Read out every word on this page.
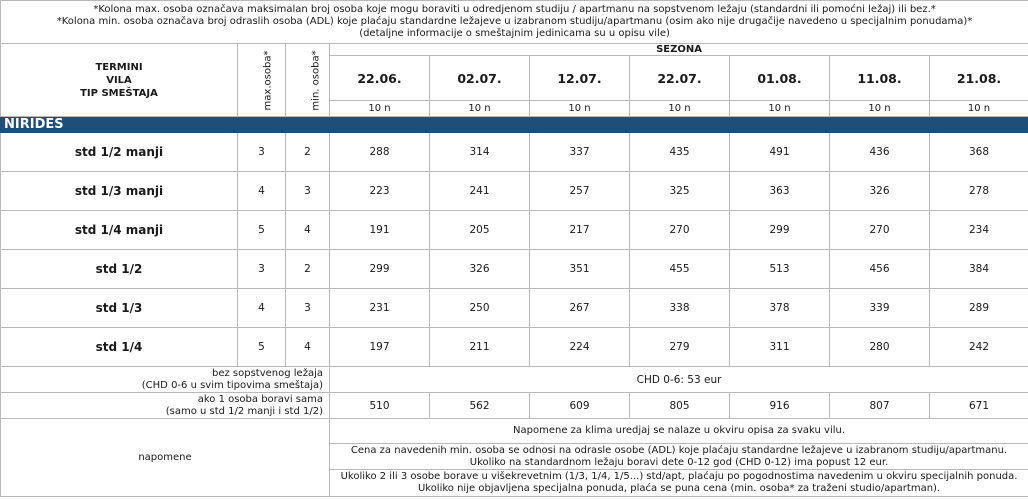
*Kolona max. osoba označava maksimalan broj osoba koje mogu boraviti u odredjenom studiju / apartmanu na sopstvenom ležaju (standardni ili pomoćni ležaj) ili bez.*
*Kolona min. osoba označava broj odraslih osoba (ADL) koje plaćaju standardne ležajeve u izabranom studiju/apartmanu (osim ako nije drugačije navedeno u specijalnim ponudama)*
(detaljne informacije o smeštajnim jedinicama su u opisu vile)									

TERMINI
VILA
TIP SMEŠTAJA	max.osoba*	min. osoba*	SEZONA						
			22.06.	02.07.	12.07.	22.07.	01.08.	11.08.	21.08.
			10 n	10 n	10 n	10 n	10 n	10 n	10 n
NIRIDES									
std 1/2 manji	3	2	288	314	337	435	491	436	368
std 1/3 manji	4	3	223	241	257	325	363	326	278
std 1/4 manji	5	4	191	205	217	270	299	270	234
std 1/2	3	2	299	326	351	455	513	456	384
std 1/3	4	3	231	250	267	338	378	339	289
std 1/4	5	4	197	211	224	279	311	280	242

bez sopstvenog ležaja
(CHD 0-6 u svim tipovima smeštaja)			CHD 0-6: 53 eur						

ako 1 osoba boravi sama
(samo u std 1/2 manji i std 1/2)			510	562	609	805	916	807	671
napomene			Napomene za klima uredjaj se nalaze u okviru opisa za svaku vilu.						

			Cena za navedenih min. osoba se odnosi na odrasle osobe (ADL) koje plaćaju standardne ležajeve u izabranom studiju/apartmanu.
Ukoliko na standardnom ležaju boravi dete 0-12 god (CHD 0-12) ima popust 12 eur.						

			Ukoliko 2 ili 3 osobe borave u višekrevetnim (1/3, 1/4, 1/5...) std/apt, plaćaju po pogodnostima navedenim u okviru specijalnih ponuda.
Ukoliko nije objavljena specijalna ponuda, plaća se puna cena (min. osoba* za traženi studio/apartman).						
